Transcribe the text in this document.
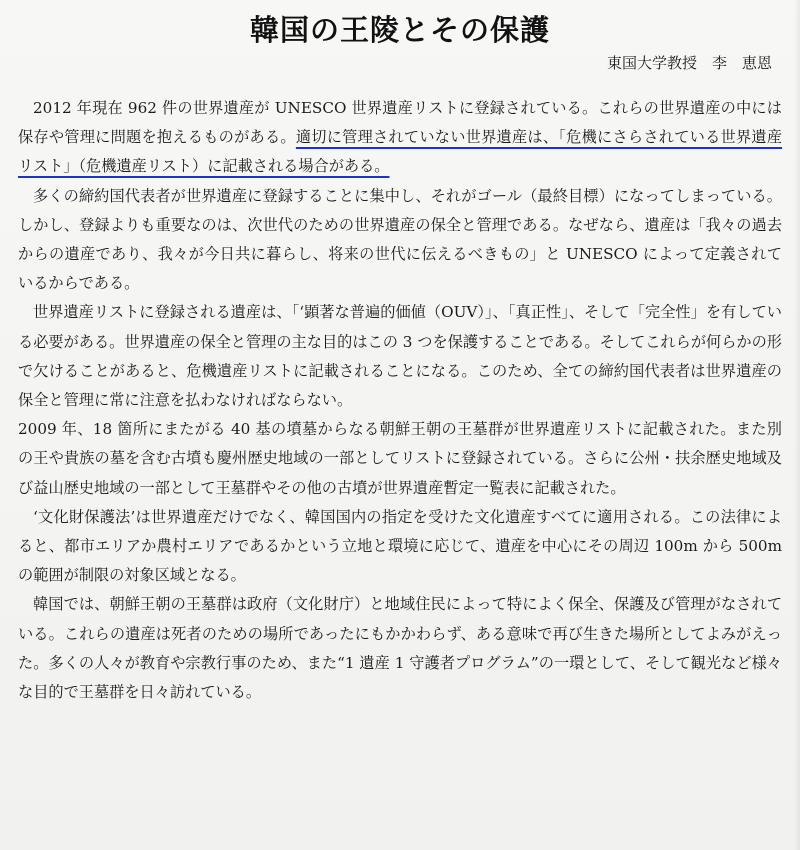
韓国の王陵とその保護
東国大学教授　李　恵恩

2012 年現在 962 件の世界遺産が UNESCO 世界遺産リストに登録されている。これらの世界遺産の中には保存や管理に問題を抱えるものがある。適切に管理されていない世界遺産は、「危機にさらされている世界遺産リスト」（危機遺産リスト）に記載される場合がある。

多くの締約国代表者が世界遺産に登録することに集中し、それがゴール（最終目標）になってしまっている。しかし、登録よりも重要なのは、次世代のための世界遺産の保全と管理である。なぜなら、遺産は「我々の過去からの遺産であり、我々が今日共に暮らし、将来の世代に伝えるべきもの」と UNESCO によって定義されているからである。

世界遺産リストに登録される遺産は、「‘顕著な普遍的価値（OUV）」、「真正性」、そして「完全性」を有している必要がある。世界遺産の保全と管理の主な目的はこの 3 つを保護することである。そしてこれらが何らかの形で欠けることがあると、危機遺産リストに記載されることになる。このため、全ての締約国代表者は世界遺産の保全と管理に常に注意を払わなければならない。

2009 年、18 箇所にまたがる 40 基の墳墓からなる朝鮮王朝の王墓群が世界遺産リストに記載された。また別の王や貴族の墓を含む古墳も慶州歴史地域の一部としてリストに登録されている。さらに公州・扶余歴史地域及び益山歴史地域の一部として王墓群やその他の古墳が世界遺産暫定一覧表に記載された。

‘文化財保護法’は世界遺産だけでなく、韓国国内の指定を受けた文化遺産すべてに適用される。この法律によると、都市エリアか農村エリアであるかという立地と環境に応じて、遺産を中心にその周辺 100m から 500m の範囲が制限の対象区域となる。

韓国では、朝鮮王朝の王墓群は政府（文化財庁）と地域住民によって特によく保全、保護及び管理がなされている。これらの遺産は死者のための場所であったにもかかわらず、ある意味で再び生きた場所としてよみがえった。多くの人々が教育や宗教行事のため、また“1 遺産 1 守護者プログラム”の一環として、そして観光など様々な目的で王墓群を日々訪れている。
